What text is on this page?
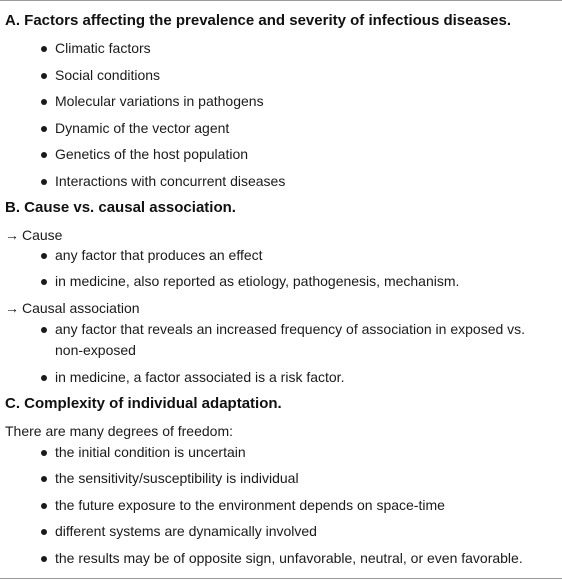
A. Factors affecting the prevalence and severity of infectious diseases.
Climatic factors
Social conditions
Molecular variations in pathogens
Dynamic of the vector agent
Genetics of the host population
Interactions with concurrent diseases
B. Cause vs. causal association.
→ Cause
any factor that produces an effect
in medicine, also reported as etiology, pathogenesis, mechanism.
→ Causal association
any factor that reveals an increased frequency of association in exposed vs.
non-exposed
in medicine, a factor associated is a risk factor.
C. Complexity of individual adaptation.
There are many degrees of freedom:
the initial condition is uncertain
the sensitivity/susceptibility is individual
the future exposure to the environment depends on space-time
different systems are dynamically involved
the results may be of opposite sign, unfavorable, neutral, or even favorable.
